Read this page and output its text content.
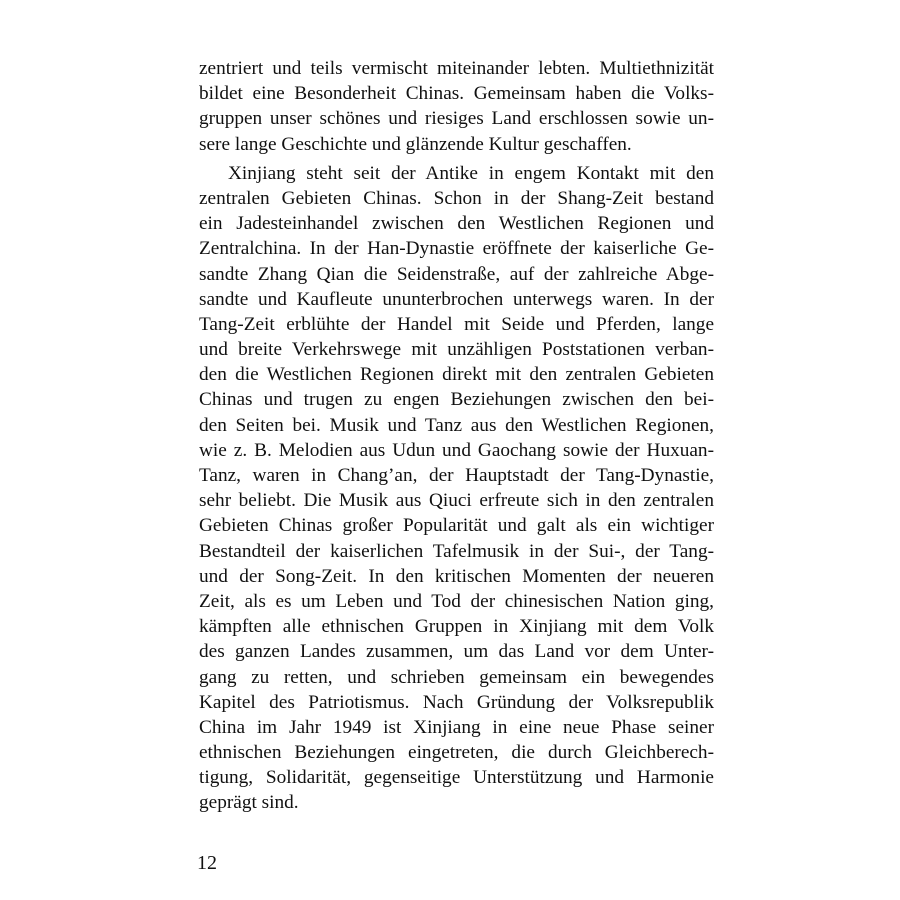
zentriert und teils vermischt miteinander lebten. Multiethnizität
bildet eine Besonderheit Chinas. Gemeinsam haben die Volks-
gruppen unser schönes und riesiges Land erschlossen sowie un-
sere lange Geschichte und glänzende Kultur geschaffen.
Xinjiang steht seit der Antike in engem Kontakt mit den
zentralen Gebieten Chinas. Schon in der Shang-Zeit bestand
ein Jadesteinhandel zwischen den Westlichen Regionen und
Zentralchina. In der Han-Dynastie eröffnete der kaiserliche Ge-
sandte Zhang Qian die Seidenstraße, auf der zahlreiche Abge-
sandte und Kaufleute ununterbrochen unterwegs waren. In der
Tang-Zeit erblühte der Handel mit Seide und Pferden, lange
und breite Verkehrswege mit unzähligen Poststationen verban-
den die Westlichen Regionen direkt mit den zentralen Gebieten
Chinas und trugen zu engen Beziehungen zwischen den bei-
den Seiten bei. Musik und Tanz aus den Westlichen Regionen,
wie z. B. Melodien aus Udun und Gaochang sowie der Huxuan-
Tanz, waren in Chang’an, der Hauptstadt der Tang-Dynastie,
sehr beliebt. Die Musik aus Qiuci erfreute sich in den zentralen
Gebieten Chinas großer Popularität und galt als ein wichtiger
Bestandteil der kaiserlichen Tafelmusik in der Sui-, der Tang-
und der Song-Zeit. In den kritischen Momenten der neueren
Zeit, als es um Leben und Tod der chinesischen Nation ging,
kämpften alle ethnischen Gruppen in Xinjiang mit dem Volk
des ganzen Landes zusammen, um das Land vor dem Unter-
gang zu retten, und schrieben gemeinsam ein bewegendes
Kapitel des Patriotismus. Nach Gründung der Volksrepublik
China im Jahr 1949 ist Xinjiang in eine neue Phase seiner
ethnischen Beziehungen eingetreten, die durch Gleichberech-
tigung, Solidarität, gegenseitige Unterstützung und Harmonie
geprägt sind.
12
